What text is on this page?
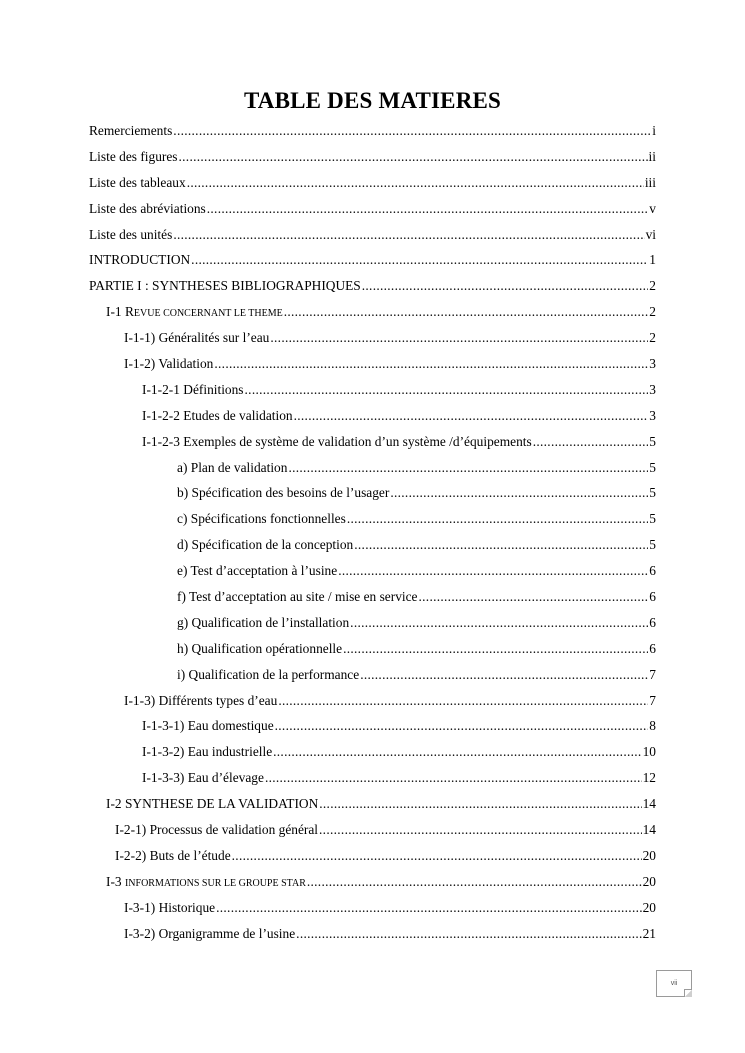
TABLE DES MATIERES
Remerciements .....	i
Liste des figures .....	ii
Liste des tableaux .....	iii
Liste des abréviations .....	v
Liste des unités .....	vi
INTRODUCTION .....	1
PARTIE I : SYNTHESES BIBLIOGRAPHIQUES .....	2
I-1 REVUE CONCERNANT LE THEME .....	2
I-1-1) Généralités sur l’eau .....	2
I-1-2) Validation .....	3
I-1-2-1 Définitions .....	3
I-1-2-2 Etudes de validation .....	3
I-1-2-3 Exemples de système de validation d’un système /d’équipements .....	5
a) Plan de validation .....	5
b) Spécification des besoins de l’usager .....	5
c) Spécifications fonctionnelles .....	5
d) Spécification de la conception .....	5
e) Test d’acceptation à l’usine .....	6
f) Test d’acceptation au site / mise en service .....	6
g) Qualification de l’installation .....	6
h) Qualification opérationnelle .....	6
i) Qualification de la performance .....	7
I-1-3) Différents types d’eau .....	7
I-1-3-1) Eau domestique .....	8
I-1-3-2) Eau industrielle .....	10
I-1-3-3) Eau d’élevage .....	12
I-2 SYNTHESE DE LA VALIDATION .....	14
I-2-1) Processus de validation général .....	14
I-2-2) Buts de l’étude .....	20
I-3 INFORMATIONS SUR LE GROUPE STAR .....	20
I-3-1) Historique .....	20
I-3-2) Organigramme de l’usine .....	21
vii
